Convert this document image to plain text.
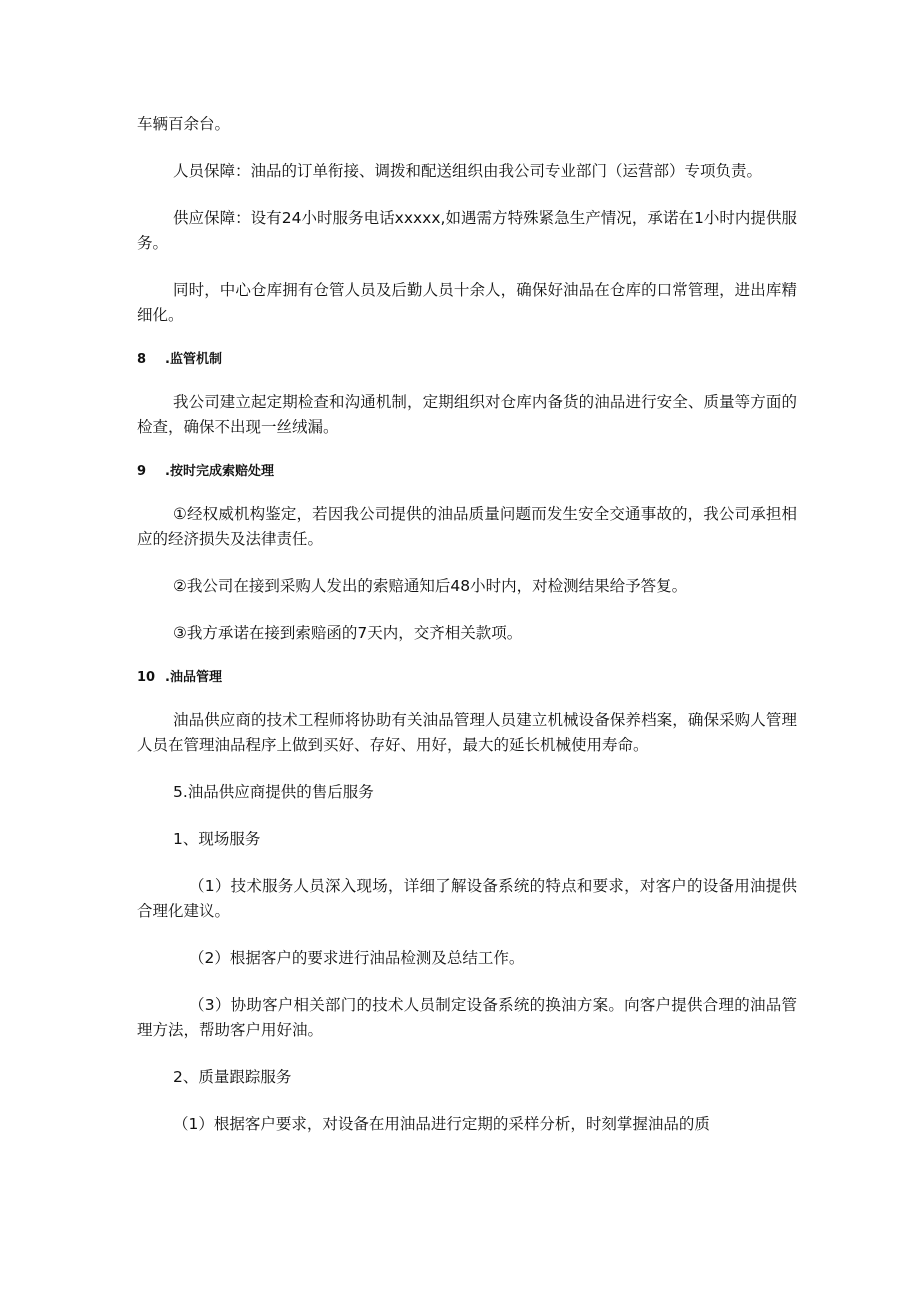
车辆百余台。

人员保障：油品的订单衔接、调拨和配送组织由我公司专业部门（运营部）专项负责。

供应保障：设有24小时服务电话xxxxx,如遇需方特殊紧急生产情况，承诺在1小时内提供服务。

同时，中心仓库拥有仓管人员及后勤人员十余人，确保好油品在仓库的口常管理，进出库精细化。

8 .监管机制

我公司建立起定期检查和沟通机制，定期组织对仓库内备货的油品进行安全、质量等方面的检查，确保不出现一丝绒漏。

9 .按时完成索赔处理

①经权威机构鉴定，若因我公司提供的油品质量问题而发生安全交通事故的，我公司承担相应的经济损失及法律责任。

②我公司在接到采购人发出的索赔通知后48小时内，对检测结果给予答复。

③我方承诺在接到索赔函的7天内，交齐相关款项。

10 .油品管理

油品供应商的技术工程师将协助有关油品管理人员建立机械设备保养档案，确保采购人管理人员在管理油品程序上做到买好、存好、用好，最大的延长机械使用寿命。

5.油品供应商提供的售后服务

1、现场服务

（1）技术服务人员深入现场，详细了解设备系统的特点和要求，对客户的设备用油提供合理化建议。

（2）根据客户的要求进行油品检测及总结工作。

（3）协助客户相关部门的技术人员制定设备系统的换油方案。向客户提供合理的油品管理方法，帮助客户用好油。

2、质量跟踪服务

（1）根据客户要求，对设备在用油品进行定期的采样分析，时刻掌握油品的质
